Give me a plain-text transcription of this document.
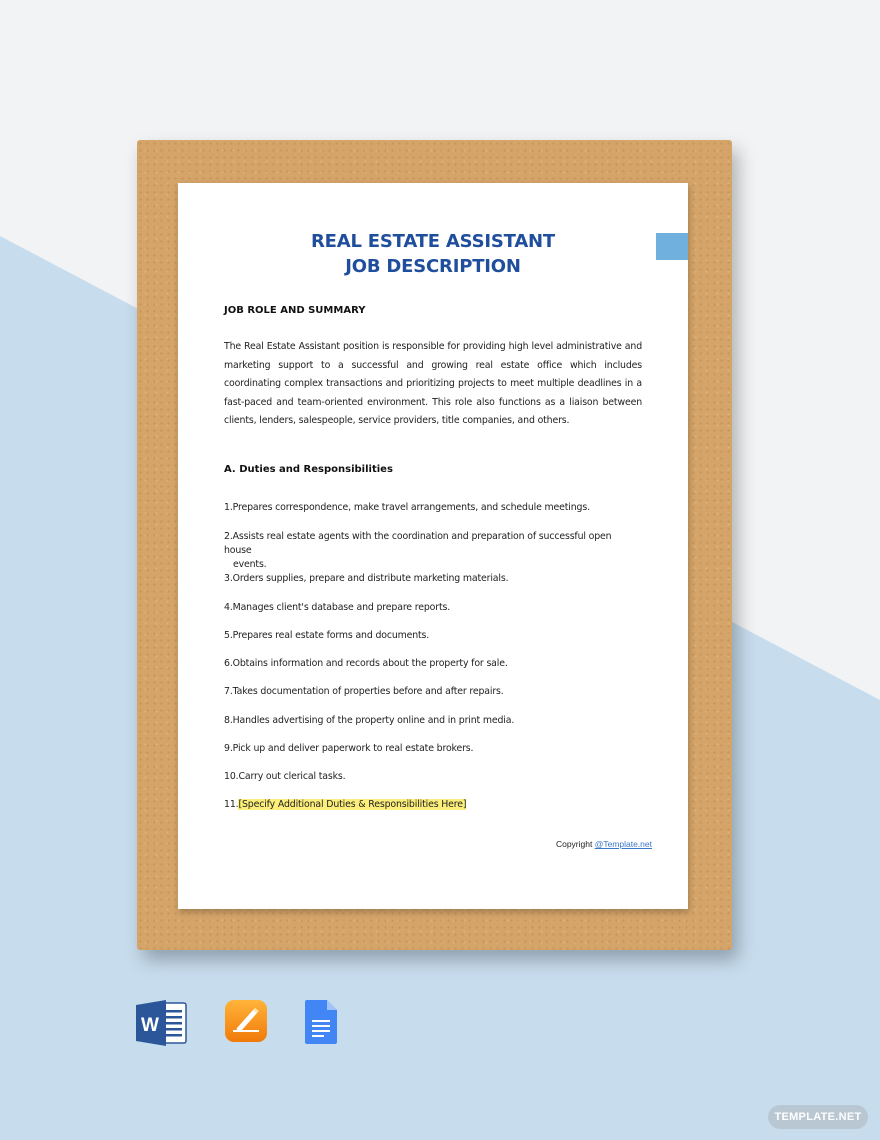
REAL ESTATE ASSISTANT
JOB DESCRIPTION
JOB ROLE AND SUMMARY
The Real Estate Assistant position is responsible for providing high level administrative and marketing support to a successful and growing real estate office which includes coordinating complex transactions and prioritizing projects to meet multiple deadlines in a fast-paced and team-oriented environment. This role also functions as a liaison between clients, lenders, salespeople, service providers, title companies, and others.
A. Duties and Responsibilities
1.Prepares correspondence, make travel arrangements, and schedule meetings.
2.Assists real estate agents with the coordination and preparation of successful open house
events.
3.Orders supplies, prepare and distribute marketing materials.
4.Manages client's database and prepare reports.
5.Prepares real estate forms and documents.
6.Obtains information and records about the property for sale.
7.Takes documentation of properties before and after repairs.
8.Handles advertising of the property online and in print media.
9.Pick up and deliver paperwork to real estate brokers.
10.Carry out clerical tasks.
11.[Specify Additional Duties & Responsibilities Here]
Copyright @Template.net
W
TEMPLATE.NET
